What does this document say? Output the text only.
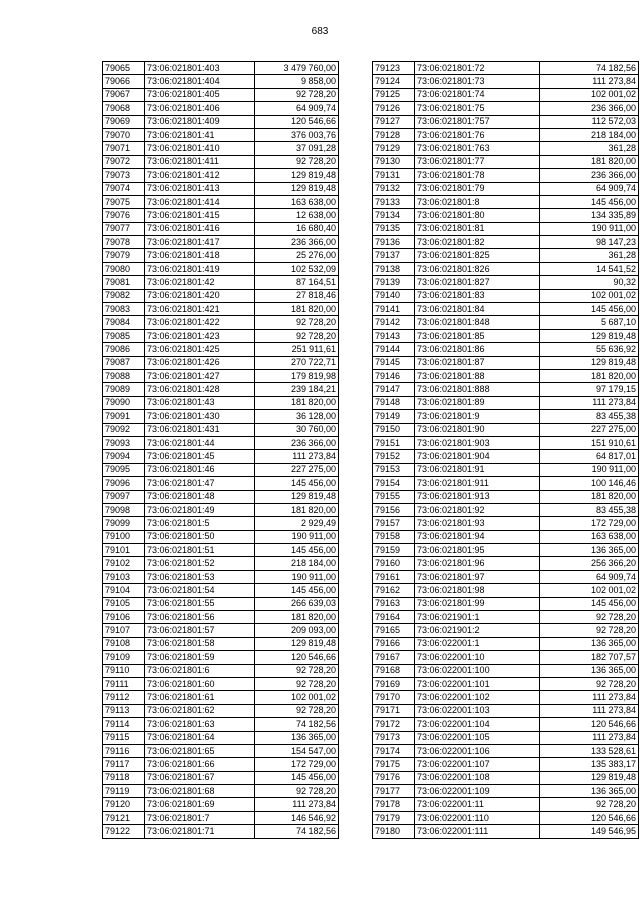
683
79065	73:06:021801:403	3 479 760,00
79066	73:06:021801:404	9 858,00
79067	73:06:021801:405	92 728,20
79068	73:06:021801:406	64 909,74
79069	73:06:021801:409	120 546,66
79070	73:06:021801:41	376 003,76
79071	73:06:021801:410	37 091,28
79072	73:06:021801:411	92 728,20
79073	73:06:021801:412	129 819,48
79074	73:06:021801:413	129 819,48
79075	73:06:021801:414	163 638,00
79076	73:06:021801:415	12 638,00
79077	73:06:021801:416	16 680,40
79078	73:06:021801:417	236 366,00
79079	73:06:021801:418	25 276,00
79080	73:06:021801:419	102 532,09
79081	73:06:021801:42	87 164,51
79082	73:06:021801:420	27 818,46
79083	73:06:021801:421	181 820,00
79084	73:06:021801:422	92 728,20
79085	73:06:021801:423	92 728,20
79086	73:06:021801:425	251 911,61
79087	73:06:021801:426	270 722,71
79088	73:06:021801:427	179 819,98
79089	73:06:021801:428	239 184,21
79090	73:06:021801:43	181 820,00
79091	73:06:021801:430	36 128,00
79092	73:06:021801:431	30 760,00
79093	73:06:021801:44	236 366,00
79094	73:06:021801:45	111 273,84
79095	73:06:021801:46	227 275,00
79096	73:06:021801:47	145 456,00
79097	73:06:021801:48	129 819,48
79098	73:06:021801:49	181 820,00
79099	73:06:021801:5	2 929,49
79100	73:06:021801:50	190 911,00
79101	73:06:021801:51	145 456,00
79102	73:06:021801:52	218 184,00
79103	73:06:021801:53	190 911,00
79104	73:06:021801:54	145 456,00
79105	73:06:021801:55	266 639,03
79106	73:06:021801:56	181 820,00
79107	73:06:021801:57	209 093,00
79108	73:06:021801:58	129 819,48
79109	73:06:021801:59	120 546,66
79110	73:06:021801:6	92 728,20
79111	73:06:021801:60	92 728,20
79112	73:06:021801:61	102 001,02
79113	73:06:021801:62	92 728,20
79114	73:06:021801:63	74 182,56
79115	73:06:021801:64	136 365,00
79116	73:06:021801:65	154 547,00
79117	73:06:021801:66	172 729,00
79118	73:06:021801:67	145 456,00
79119	73:06:021801:68	92 728,20
79120	73:06:021801:69	111 273,84
79121	73:06:021801:7	146 546,92
79122	73:06:021801:71	74 182,56
79123	73:06:021801:72	74 182,56
79124	73:06:021801:73	111 273,84
79125	73:06:021801:74	102 001,02
79126	73:06:021801:75	236 366,00
79127	73:06:021801:757	112 572,03
79128	73:06:021801:76	218 184,00
79129	73:06:021801:763	361,28
79130	73:06:021801:77	181 820,00
79131	73:06:021801:78	236 366,00
79132	73:06:021801:79	64 909,74
79133	73:06:021801:8	145 456,00
79134	73:06:021801:80	134 335,89
79135	73:06:021801:81	190 911,00
79136	73:06:021801:82	98 147,23
79137	73:06:021801:825	361,28
79138	73:06:021801:826	14 541,52
79139	73:06:021801:827	90,32
79140	73:06:021801:83	102 001,02
79141	73:06:021801:84	145 456,00
79142	73:06:021801:848	5 687,10
79143	73:06:021801:85	129 819,48
79144	73:06:021801:86	55 636,92
79145	73:06:021801:87	129 819,48
79146	73:06:021801:88	181 820,00
79147	73:06:021801:888	97 179,15
79148	73:06:021801:89	111 273,84
79149	73:06:021801:9	83 455,38
79150	73:06:021801:90	227 275,00
79151	73:06:021801:903	151 910,61
79152	73:06:021801:904	64 817,01
79153	73:06:021801:91	190 911,00
79154	73:06:021801:911	100 146,46
79155	73:06:021801:913	181 820,00
79156	73:06:021801:92	83 455,38
79157	73:06:021801:93	172 729,00
79158	73:06:021801:94	163 638,00
79159	73:06:021801:95	136 365,00
79160	73:06:021801:96	256 366,20
79161	73:06:021801:97	64 909,74
79162	73:06:021801:98	102 001,02
79163	73:06:021801:99	145 456,00
79164	73:06:021901:1	92 728,20
79165	73:06:021901:2	92 728,20
79166	73:06:022001:1	136 365,00
79167	73:06:022001:10	182 707,57
79168	73:06:022001:100	136 365,00
79169	73:06:022001:101	92 728,20
79170	73:06:022001:102	111 273,84
79171	73:06:022001:103	111 273,84
79172	73:06:022001:104	120 546,66
79173	73:06:022001:105	111 273,84
79174	73:06:022001:106	133 528,61
79175	73:06:022001:107	135 383,17
79176	73:06:022001:108	129 819,48
79177	73:06:022001:109	136 365,00
79178	73:06:022001:11	92 728,20
79179	73:06:022001:110	120 546,66
79180	73:06:022001:111	149 546,95
